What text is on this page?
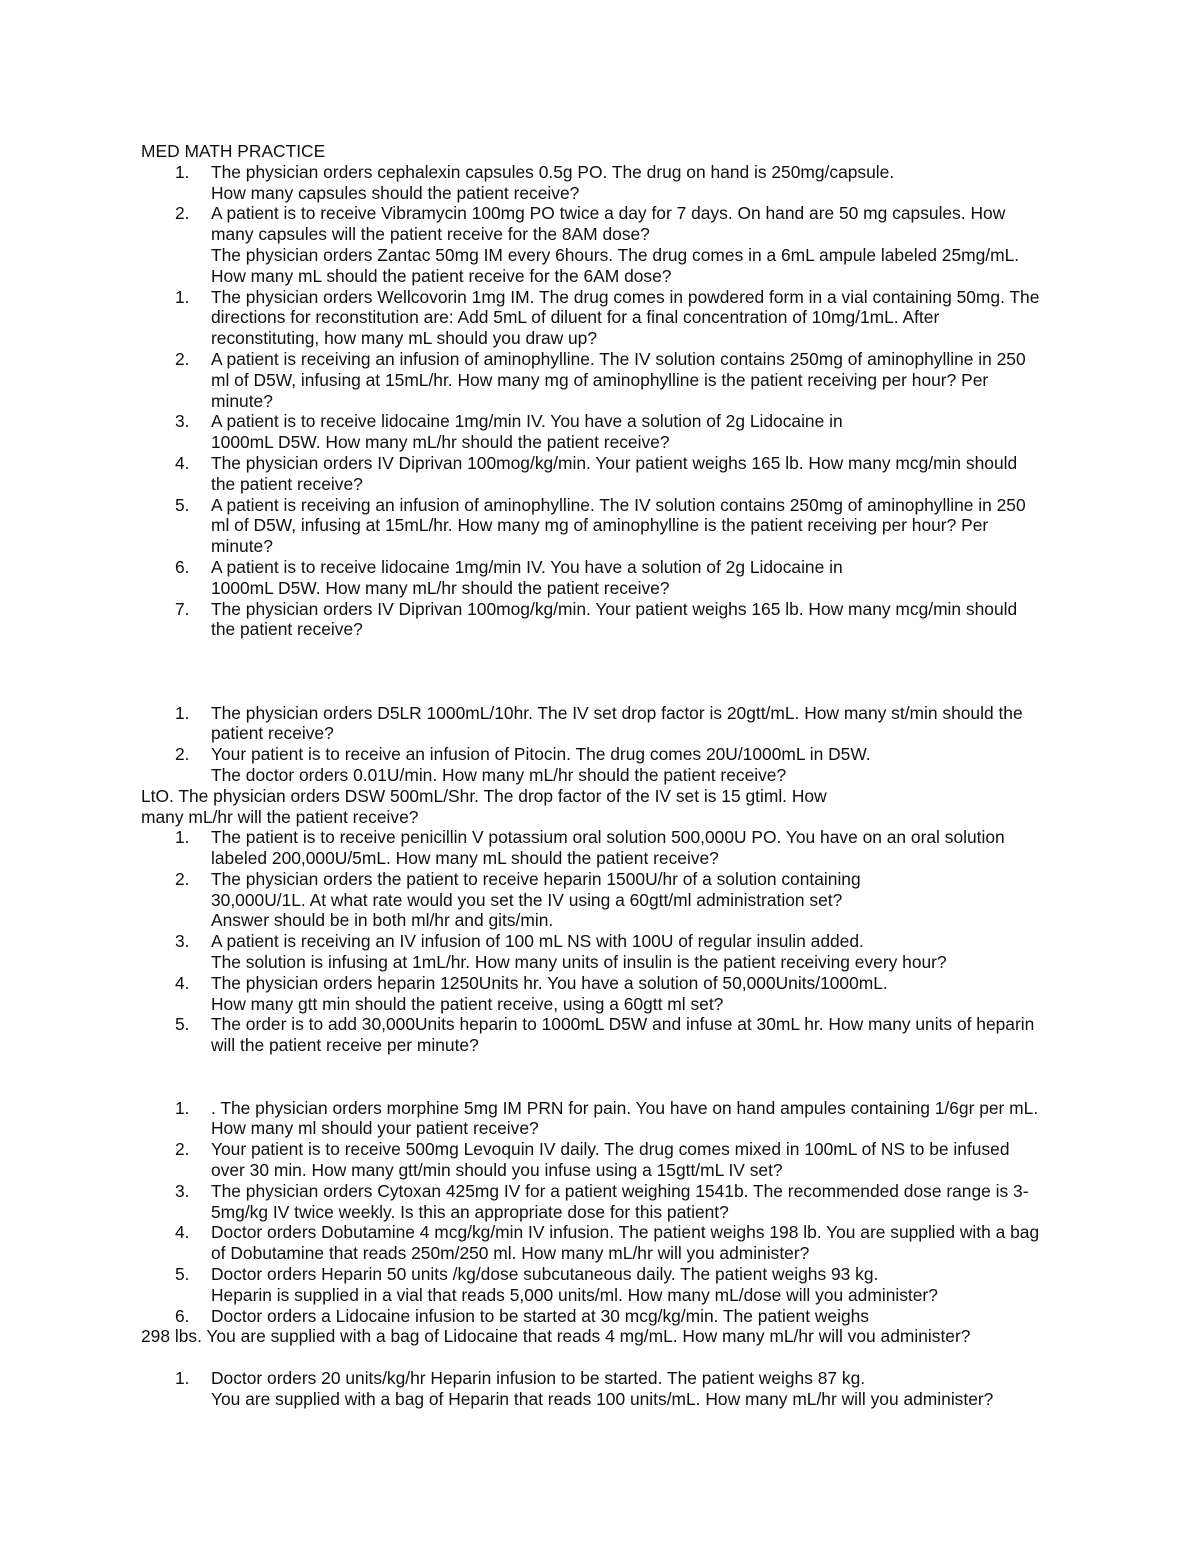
MED MATH PRACTICE
1. The physician orders cephalexin capsules 0.5g PO. The drug on hand is 250mg/capsule.
How many capsules should the patient receive?
2. A patient is to receive Vibramycin 100mg PO twice a day for 7 days. On hand are 50 mg capsules. How
many capsules will the patient receive for the 8AM dose?
The physician orders Zantac 50mg IM every 6hours. The drug comes in a 6mL ampule labeled 25mg/mL.
How many mL should the patient receive for the 6AM dose?
1. The physician orders Wellcovorin 1mg IM. The drug comes in powdered form in a vial containing 50mg. The
directions for reconstitution are: Add 5mL of diluent for a final concentration of 10mg/1mL. After
reconstituting, how many mL should you draw up?
2. A patient is receiving an infusion of aminophylline. The IV solution contains 250mg of aminophylline in 250
ml of D5W, infusing at 15mL/hr. How many mg of aminophylline is the patient receiving per hour? Per
minute?
3. A patient is to receive lidocaine 1mg/min IV. You have a solution of 2g Lidocaine in
1000mL D5W. How many mL/hr should the patient receive?
4. The physician orders IV Diprivan 100mog/kg/min. Your patient weighs 165 lb. How many mcg/min should
the patient receive?
5. A patient is receiving an infusion of aminophylline. The IV solution contains 250mg of aminophylline in 250
ml of D5W, infusing at 15mL/hr. How many mg of aminophylline is the patient receiving per hour? Per
minute?
6. A patient is to receive lidocaine 1mg/min IV. You have a solution of 2g Lidocaine in
1000mL D5W. How many mL/hr should the patient receive?
7. The physician orders IV Diprivan 100mog/kg/min. Your patient weighs 165 lb. How many mcg/min should
the patient receive?
1. The physician orders D5LR 1000mL/10hr. The IV set drop factor is 20gtt/mL. How many st/min should the
patient receive?
2. Your patient is to receive an infusion of Pitocin. The drug comes 20U/1000mL in D5W.
The doctor orders 0.01U/min. How many mL/hr should the patient receive?
LtO. The physician orders DSW 500mL/Shr. The drop factor of the IV set is 15 gtiml. How
many mL/hr will the patient receive?
1. The patient is to receive penicillin V potassium oral solution 500,000U PO. You have on an oral solution
labeled 200,000U/5mL. How many mL should the patient receive?
2. The physician orders the patient to receive heparin 1500U/hr of a solution containing
30,000U/1L. At what rate would you set the IV using a 60gtt/ml administration set?
Answer should be in both ml/hr and gits/min.
3. A patient is receiving an IV infusion of 100 mL NS with 100U of regular insulin added.
The solution is infusing at 1mL/hr. How many units of insulin is the patient receiving every hour?
4. The physician orders heparin 1250Units hr. You have a solution of 50,000Units/1000mL.
How many gtt min should the patient receive, using a 60gtt ml set?
5. The order is to add 30,000Units heparin to 1000mL D5W and infuse at 30mL hr. How many units of heparin
will the patient receive per minute?
1. . The physician orders morphine 5mg IM PRN for pain. You have on hand ampules containing 1/6gr per mL.
How many ml should your patient receive?
2. Your patient is to receive 500mg Levoquin IV daily. The drug comes mixed in 100mL of NS to be infused
over 30 min. How many gtt/min should you infuse using a 15gtt/mL IV set?
3. The physician orders Cytoxan 425mg IV for a patient weighing 1541b. The recommended dose range is 3-
5mg/kg IV twice weekly. Is this an appropriate dose for this patient?
4. Doctor orders Dobutamine 4 mcg/kg/min IV infusion. The patient weighs 198 lb. You are supplied with a bag
of Dobutamine that reads 250m/250 ml. How many mL/hr will you administer?
5. Doctor orders Heparin 50 units /kg/dose subcutaneous daily. The patient weighs 93 kg.
Heparin is supplied in a vial that reads 5,000 units/ml. How many mL/dose will you administer?
6. Doctor orders a Lidocaine infusion to be started at 30 mcg/kg/min. The patient weighs
298 lbs. You are supplied with a bag of Lidocaine that reads 4 mg/mL. How many mL/hr will vou administer?
1. Doctor orders 20 units/kg/hr Heparin infusion to be started. The patient weighs 87 kg.
You are supplied with a bag of Heparin that reads 100 units/mL. How many mL/hr will you administer?
